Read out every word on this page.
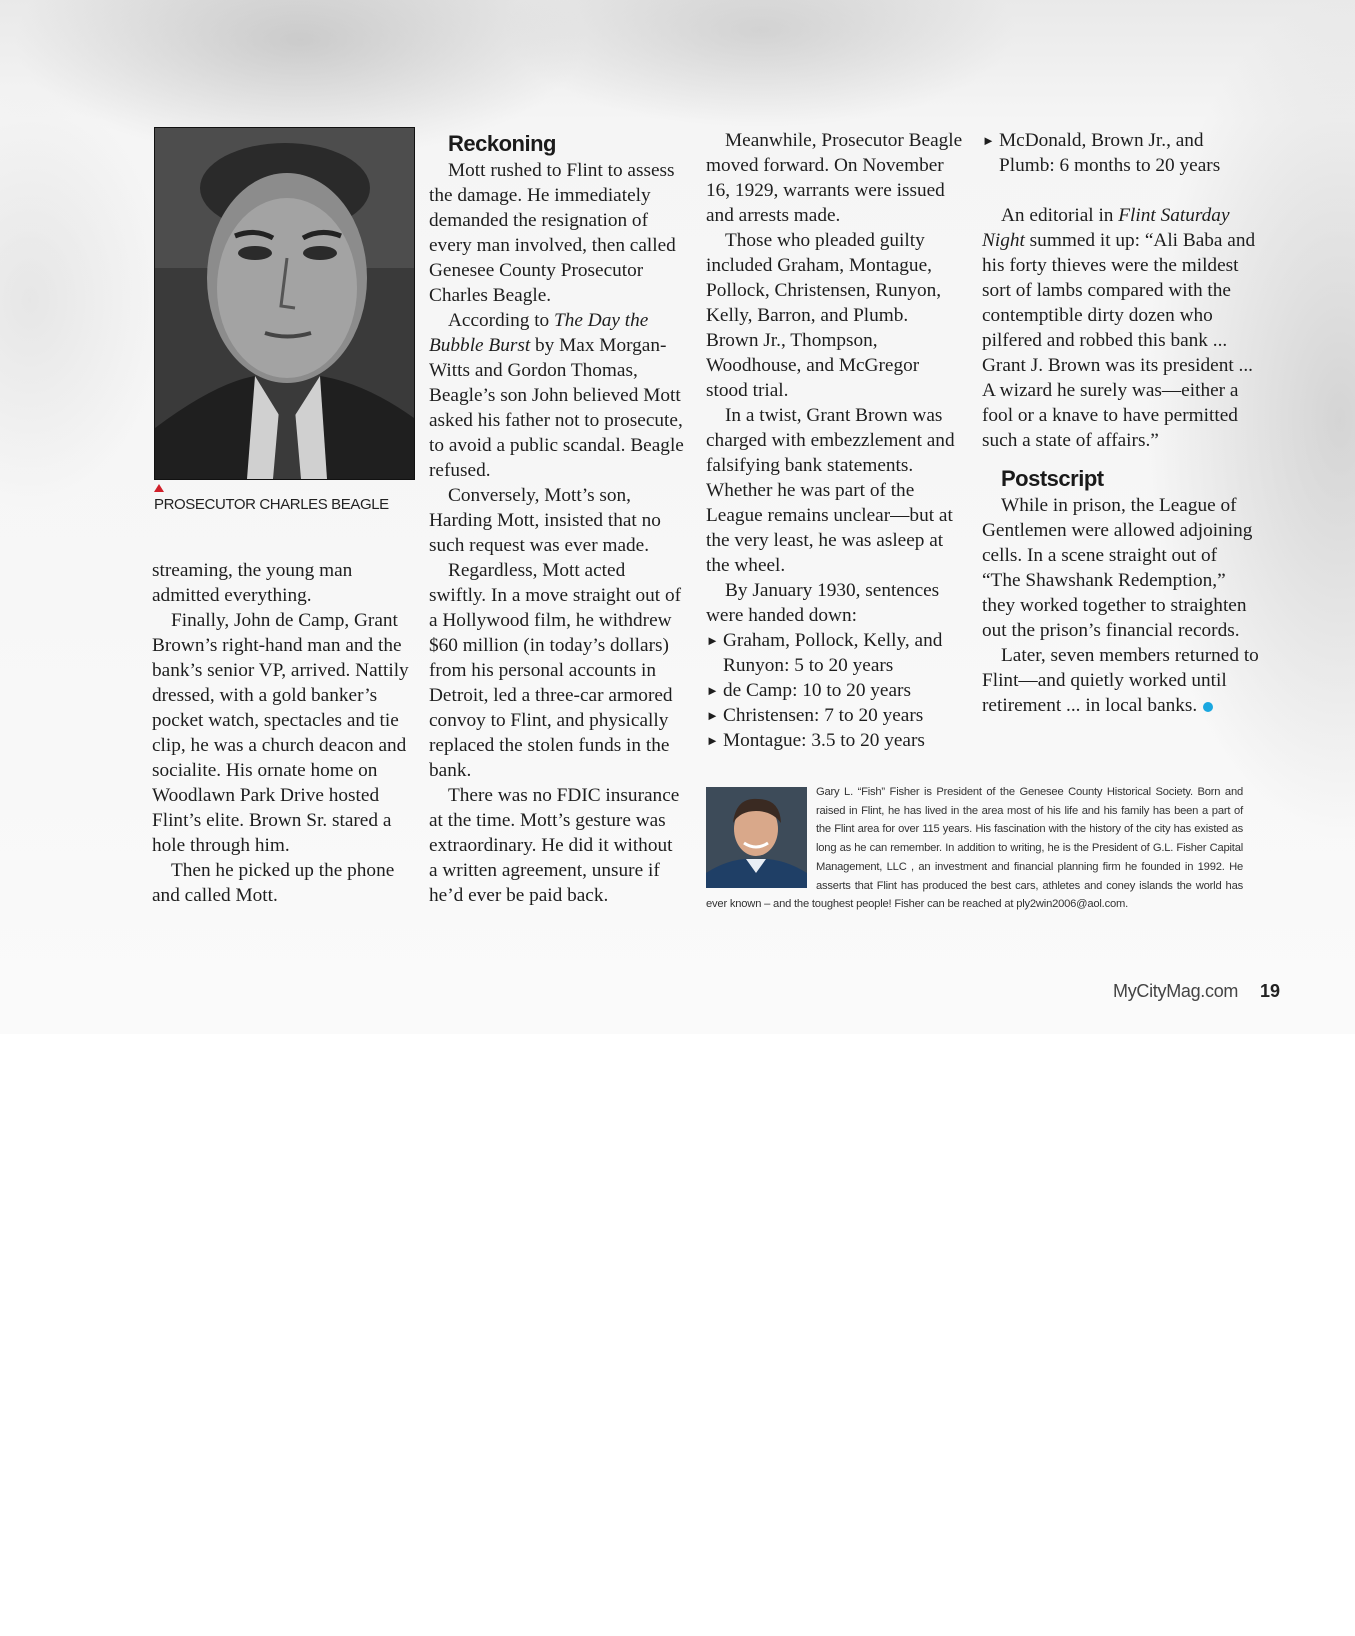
PROSECUTOR CHARLES BEAGLE

streaming, the young man admitted everything.

Finally, John de Camp, Grant Brown’s right-hand man and the bank’s senior VP, arrived. Nattily dressed, with a gold banker’s pocket watch, spectacles and tie clip, he was a church deacon and socialite. His ornate home on Woodlawn Park Drive hosted Flint’s elite. Brown Sr. stared a hole through him.

Then he picked up the phone and called Mott.

Reckoning

Mott rushed to Flint to assess the damage. He immediately demanded the resignation of every man involved, then called Genesee County Prosecutor Charles Beagle.

According to The Day the Bubble Burst by Max Morgan-Witts and Gordon Thomas, Beagle’s son John believed Mott asked his father not to prosecute, to avoid a public scandal. Beagle refused.

Conversely, Mott’s son, Harding Mott, insisted that no such request was ever made.

Regardless, Mott acted swiftly. In a move straight out of a Hollywood film, he withdrew $60 million (in today’s dollars) from his personal accounts in Detroit, led a three-car armored convoy to Flint, and physically replaced the stolen funds in the bank.

There was no FDIC insurance at the time. Mott’s gesture was extraordinary. He did it without a written agreement, unsure if he’d ever be paid back.

Meanwhile, Prosecutor Beagle moved forward. On November 16, 1929, warrants were issued and arrests made.

Those who pleaded guilty included Graham, Montague, Pollock, Christensen, Runyon, Kelly, Barron, and Plumb. Brown Jr., Thompson, Woodhouse, and McGregor stood trial.

In a twist, Grant Brown was charged with embezzlement and falsifying bank statements. Whether he was part of the League remains unclear—but at the very least, he was asleep at the wheel.

By January 1930, sentences were handed down:

► Graham, Pollock, Kelly, and Runyon: 5 to 20 years
► de Camp: 10 to 20 years
► Christensen: 7 to 20 years
► Montague: 3.5 to 20 years
► McDonald, Brown Jr., and Plumb: 6 months to 20 years

An editorial in Flint Saturday Night summed it up: “Ali Baba and his forty thieves were the mildest sort of lambs compared with the contemptible dirty dozen who pilfered and robbed this bank ... Grant J. Brown was its president ... A wizard he surely was—either a fool or a knave to have permitted such a state of affairs.”

Postscript

While in prison, the League of Gentlemen were allowed adjoining cells. In a scene straight out of “The Shawshank Redemption,” they worked together to straighten out the prison’s financial records.

Later, seven members returned to Flint—and quietly worked until retirement ... in local banks.

Gary L. “Fish” Fisher is President of the Genesee County Historical Society. Born and raised in Flint, he has lived in the area most of his life and his family has been a part of the Flint area for over 115 years. His fascination with the history of the city has existed as long as he can remember. In addition to writing, he is the President of G.L. Fisher Capital Management, LLC , an investment and financial planning firm he founded in 1992. He asserts that Flint has produced the best cars, athletes and coney islands the world has ever known – and the toughest people! Fisher can be reached at ply2win2006@aol.com.
MyCityMag.com 19
